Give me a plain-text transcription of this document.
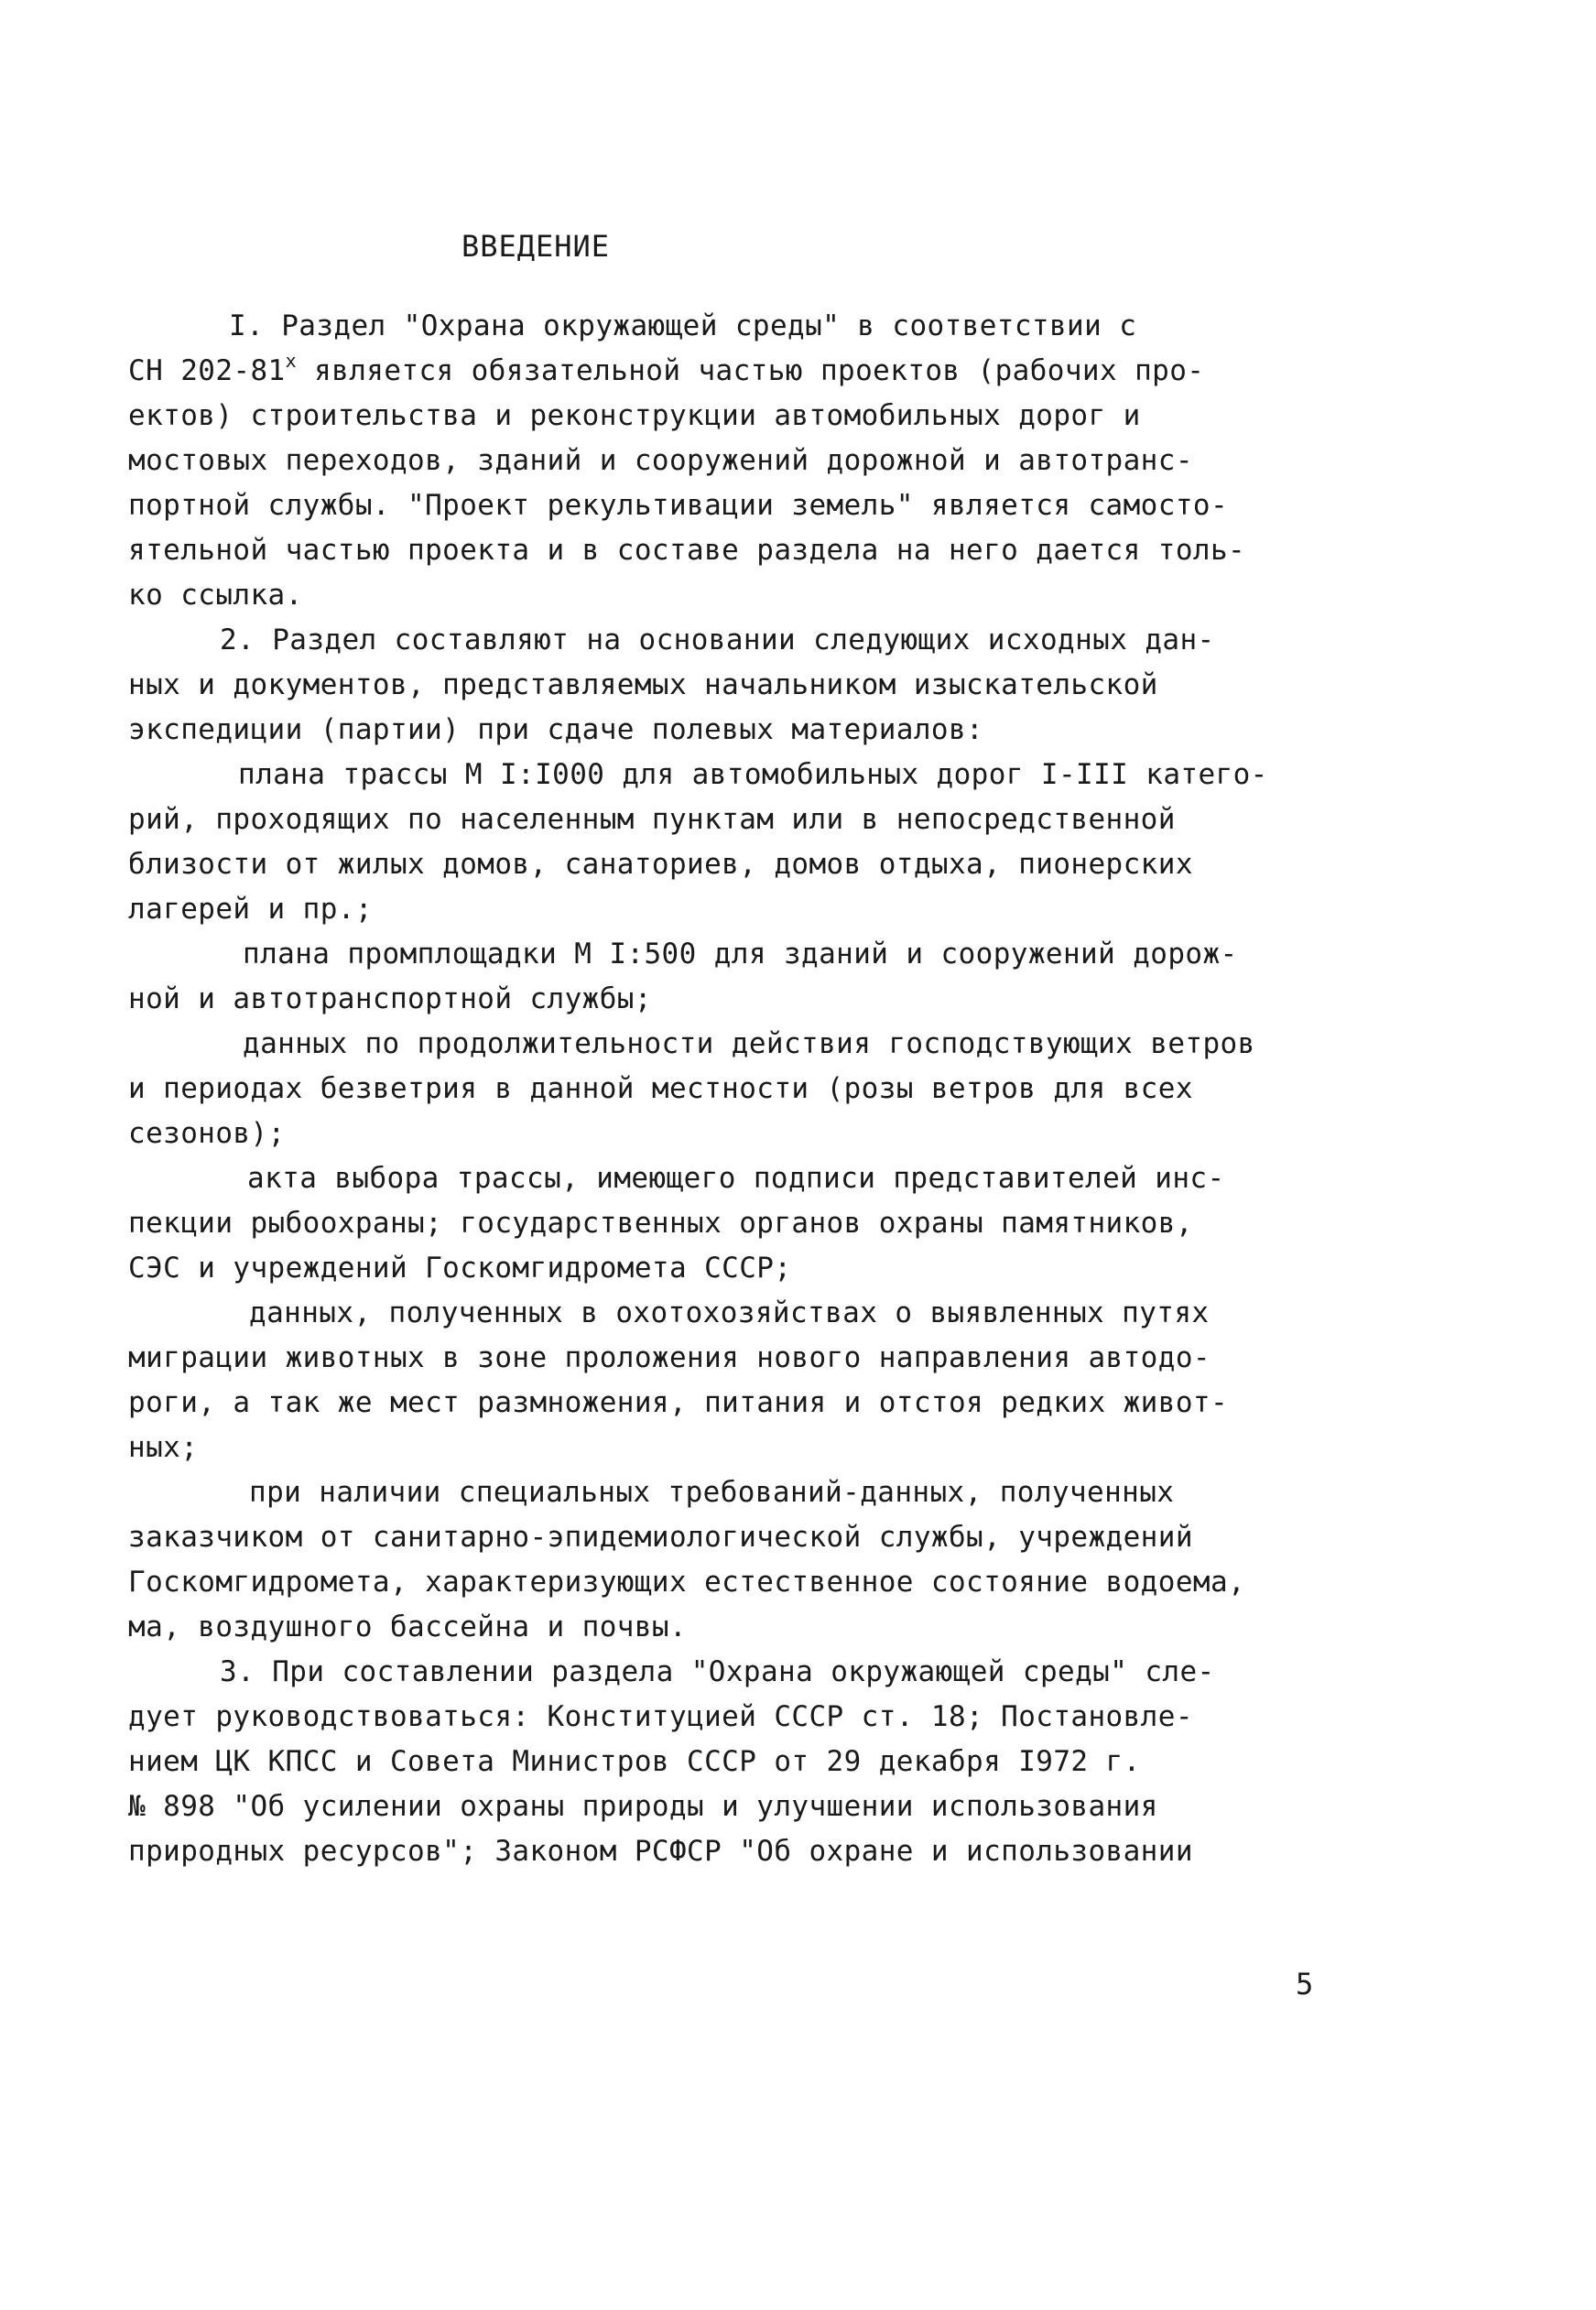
ВВЕДЕНИЕ
I. Раздел "Охрана окружающей среды" в соответствии с
СН 202-81$^x$ является обязательной частью проектов (рабочих про-
ектов) строительства и реконструкции автомобильных дорог и
мостовых переходов, зданий и сооружений дорожной и автотранс-
портной службы. "Проект рекультивации земель" является самосто-
ятельной частью проекта и в составе раздела на него дается толь-
ко ссылка.
2. Раздел составляют на основании следующих исходных дан-
ных и документов, представляемых начальником изыскательской
экспедиции (партии) при сдаче полевых материалов:
плана трассы М I:I000 для автомобильных дорог I-III катего-
рий, проходящих по населенным пунктам или в непосредственной
близости от жилых домов, санаториев, домов отдыха, пионерских
лагерей и пр.;
плана промплощадки М I:500 для зданий и сооружений дорож-
ной и автотранспортной службы;
данных по продолжительности действия господствующих ветров
и периодах безветрия в данной местности (розы ветров для всех
сезонов);
акта выбора трассы, имеющего подписи представителей инс-
пекции рыбоохраны; государственных органов охраны памятников,
СЭС и учреждений Госкомгидромета СССР;
данных, полученных в охотохозяйствах о выявленных путях
миграции животных в зоне проложения нового направления автодо-
роги, а так же мест размножения, питания и отстоя редких живот-
ных;
при наличии специальных требований-данных, полученных
заказчиком от санитарно-эпидемиологической службы, учреждений
Госкомгидромета, характеризующих естественное состояние водоема,
ма, воздушного бассейна и почвы.
3. При составлении раздела "Охрана окружающей среды" сле-
дует руководствоваться: Конституцией СССР ст. 18; Постановле-
нием ЦК КПСС и Совета Министров СССР от 29 декабря I972 г.
№ 898 "Об усилении охраны природы и улучшении использования
природных ресурсов"; Законом РСФСР "Об охране и использовании
5
